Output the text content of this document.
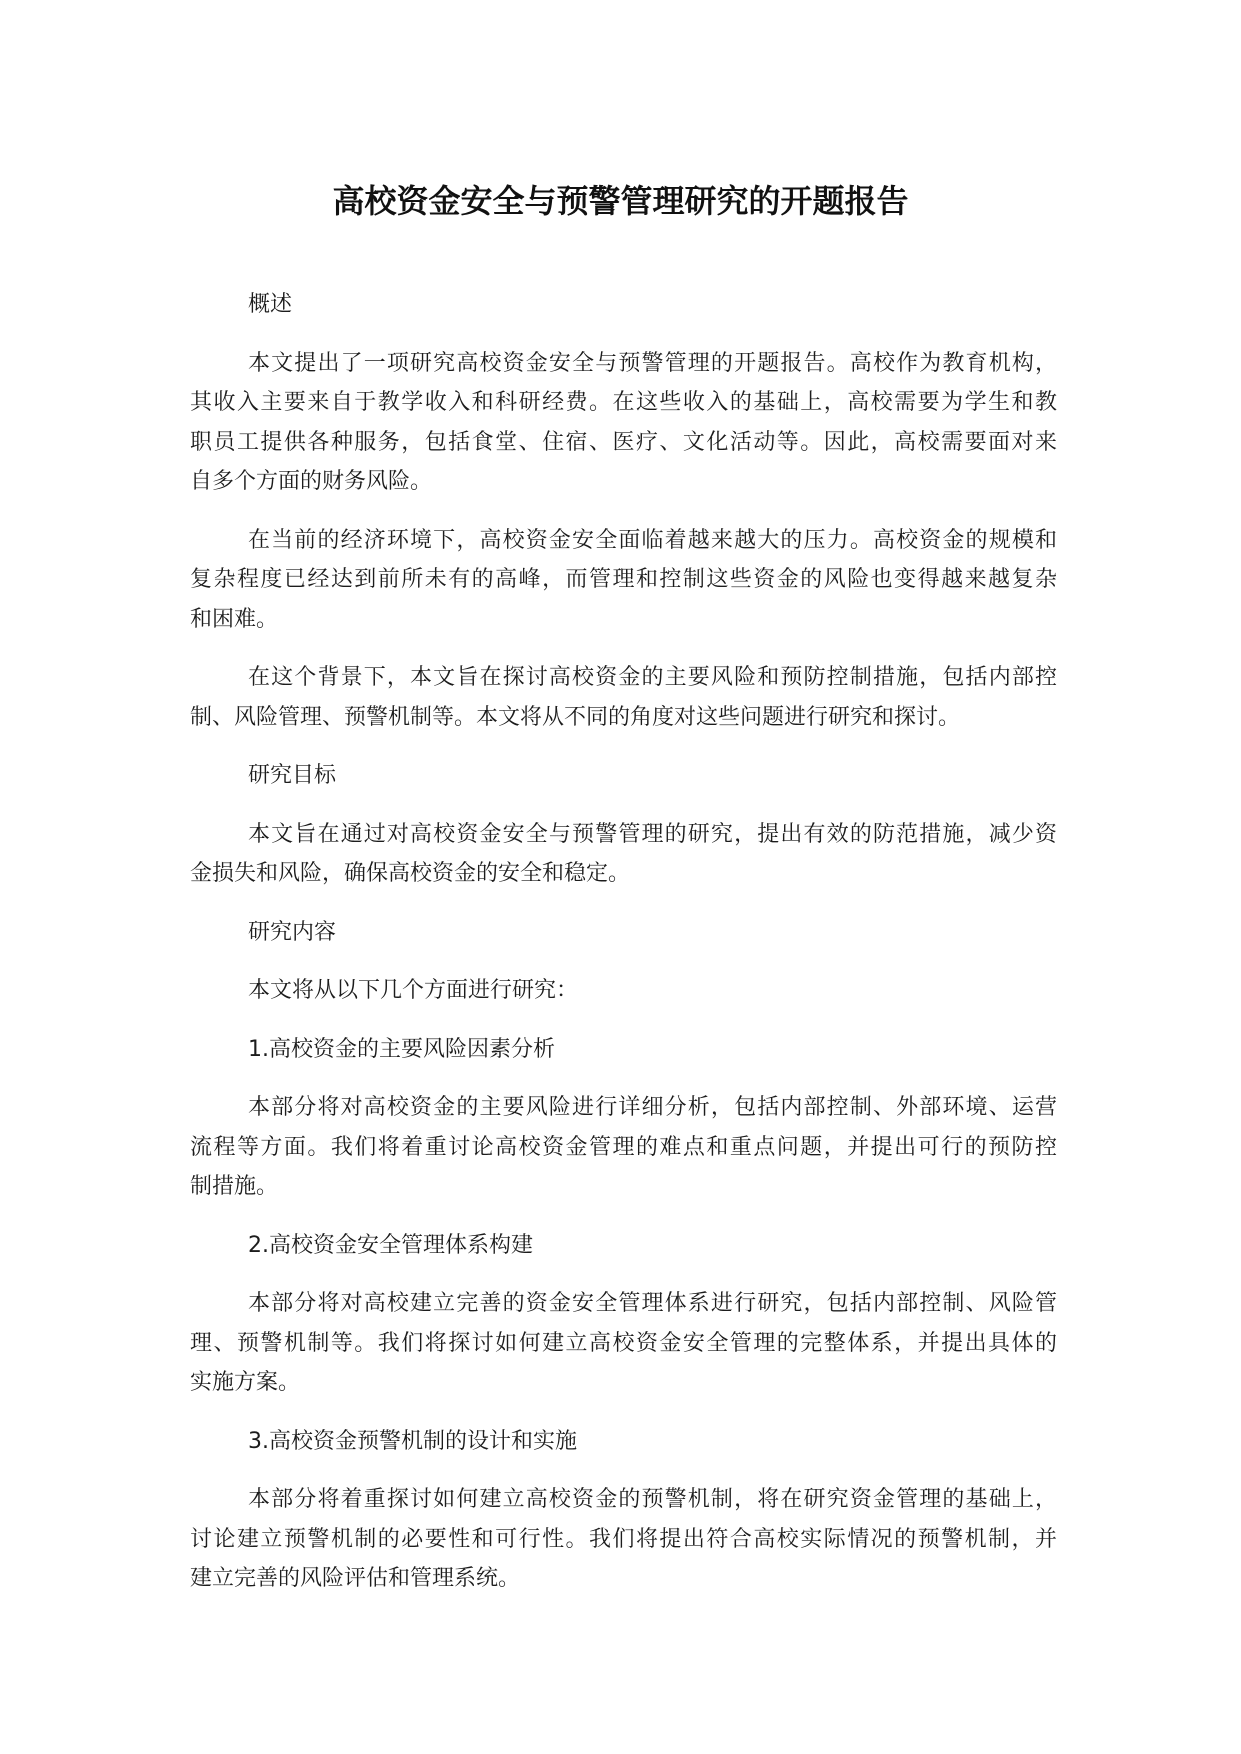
高校资金安全与预警管理研究的开题报告
概述
本文提出了一项研究高校资金安全与预警管理的开题报告。高校作为教育机构，
其收入主要来自于教学收入和科研经费。在这些收入的基础上，高校需要为学生和教
职员工提供各种服务，包括食堂、住宿、医疗、文化活动等。因此，高校需要面对来
自多个方面的财务风险。
在当前的经济环境下，高校资金安全面临着越来越大的压力。高校资金的规模和
复杂程度已经达到前所未有的高峰，而管理和控制这些资金的风险也变得越来越复杂
和困难。
在这个背景下，本文旨在探讨高校资金的主要风险和预防控制措施，包括内部控
制、风险管理、预警机制等。本文将从不同的角度对这些问题进行研究和探讨。
研究目标
本文旨在通过对高校资金安全与预警管理的研究，提出有效的防范措施，减少资
金损失和风险，确保高校资金的安全和稳定。
研究内容
本文将从以下几个方面进行研究：
1.高校资金的主要风险因素分析
本部分将对高校资金的主要风险进行详细分析，包括内部控制、外部环境、运营
流程等方面。我们将着重讨论高校资金管理的难点和重点问题，并提出可行的预防控
制措施。
2.高校资金安全管理体系构建
本部分将对高校建立完善的资金安全管理体系进行研究，包括内部控制、风险管
理、预警机制等。我们将探讨如何建立高校资金安全管理的完整体系，并提出具体的
实施方案。
3.高校资金预警机制的设计和实施
本部分将着重探讨如何建立高校资金的预警机制，将在研究资金管理的基础上，
讨论建立预警机制的必要性和可行性。我们将提出符合高校实际情况的预警机制，并
建立完善的风险评估和管理系统。
